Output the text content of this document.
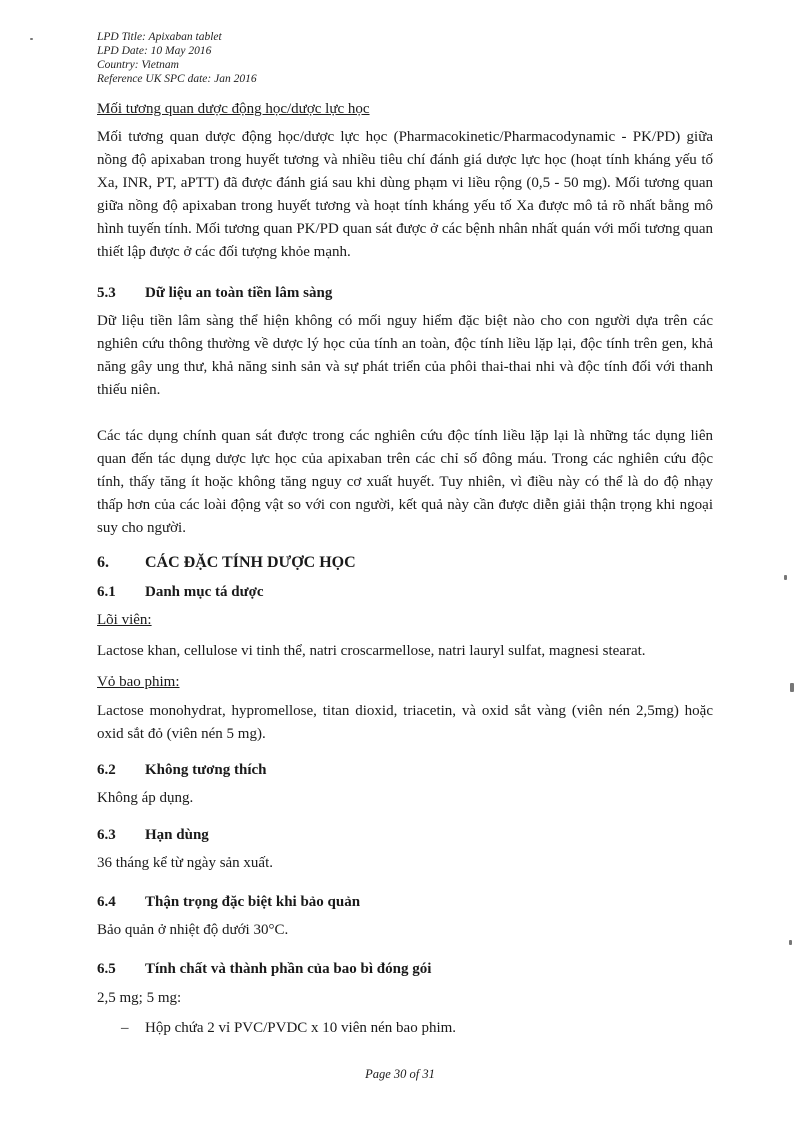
LPD Title: Apixaban tablet
LPD Date: 10 May 2016
Country: Vietnam
Reference UK SPC date: Jan 2016
Mối tương quan dược động học/dược lực học
Mối tương quan dược động học/dược lực học (Pharmacokinetic/Pharmacodynamic - PK/PD) giữa nồng độ apixaban trong huyết tương và nhiều tiêu chí đánh giá dược lực học (hoạt tính kháng yếu tố Xa, INR, PT, aPTT) đã được đánh giá sau khi dùng phạm vi liều rộng (0,5 - 50 mg). Mối tương quan giữa nồng độ apixaban trong huyết tương và hoạt tính kháng yếu tố Xa được mô tả rõ nhất bằng mô hình tuyến tính. Mối tương quan PK/PD quan sát được ở các bệnh nhân nhất quán với mối tương quan thiết lập được ở các đối tượng khỏe mạnh.
5.3 Dữ liệu an toàn tiền lâm sàng
Dữ liệu tiền lâm sàng thể hiện không có mối nguy hiểm đặc biệt nào cho con người dựa trên các nghiên cứu thông thường về dược lý học của tính an toàn, độc tính liều lặp lại, độc tính trên gen, khả năng gây ung thư, khả năng sinh sản và sự phát triển của phôi thai-thai nhi và độc tính đối với thanh thiếu niên.
Các tác dụng chính quan sát được trong các nghiên cứu độc tính liều lặp lại là những tác dụng liên quan đến tác dụng dược lực học của apixaban trên các chỉ số đông máu. Trong các nghiên cứu độc tính, thấy tăng ít hoặc không tăng nguy cơ xuất huyết. Tuy nhiên, vì điều này có thể là do độ nhạy thấp hơn của các loài động vật so với con người, kết quả này cần được diễn giải thận trọng khi ngoại suy cho người.
6. CÁC ĐẶC TÍNH DƯỢC HỌC
6.1 Danh mục tá dược
Lõi viên:
Lactose khan, cellulose vi tinh thể, natri croscarmellose, natri lauryl sulfat, magnesi stearat.
Vỏ bao phim:
Lactose monohydrat, hypromellose, titan dioxid, triacetin, và oxid sắt vàng (viên nén 2,5mg) hoặc oxid sắt đỏ (viên nén 5 mg).
6.2 Không tương thích
Không áp dụng.
6.3 Hạn dùng
36 tháng kể từ ngày sản xuất.
6.4 Thận trọng đặc biệt khi bảo quản
Bảo quản ở nhiệt độ dưới 30°C.
6.5 Tính chất và thành phần của bao bì đóng gói
2,5 mg; 5 mg:
– Hộp chứa 2 vỉ PVC/PVDC x 10 viên nén bao phim.
Page 30 of 31
